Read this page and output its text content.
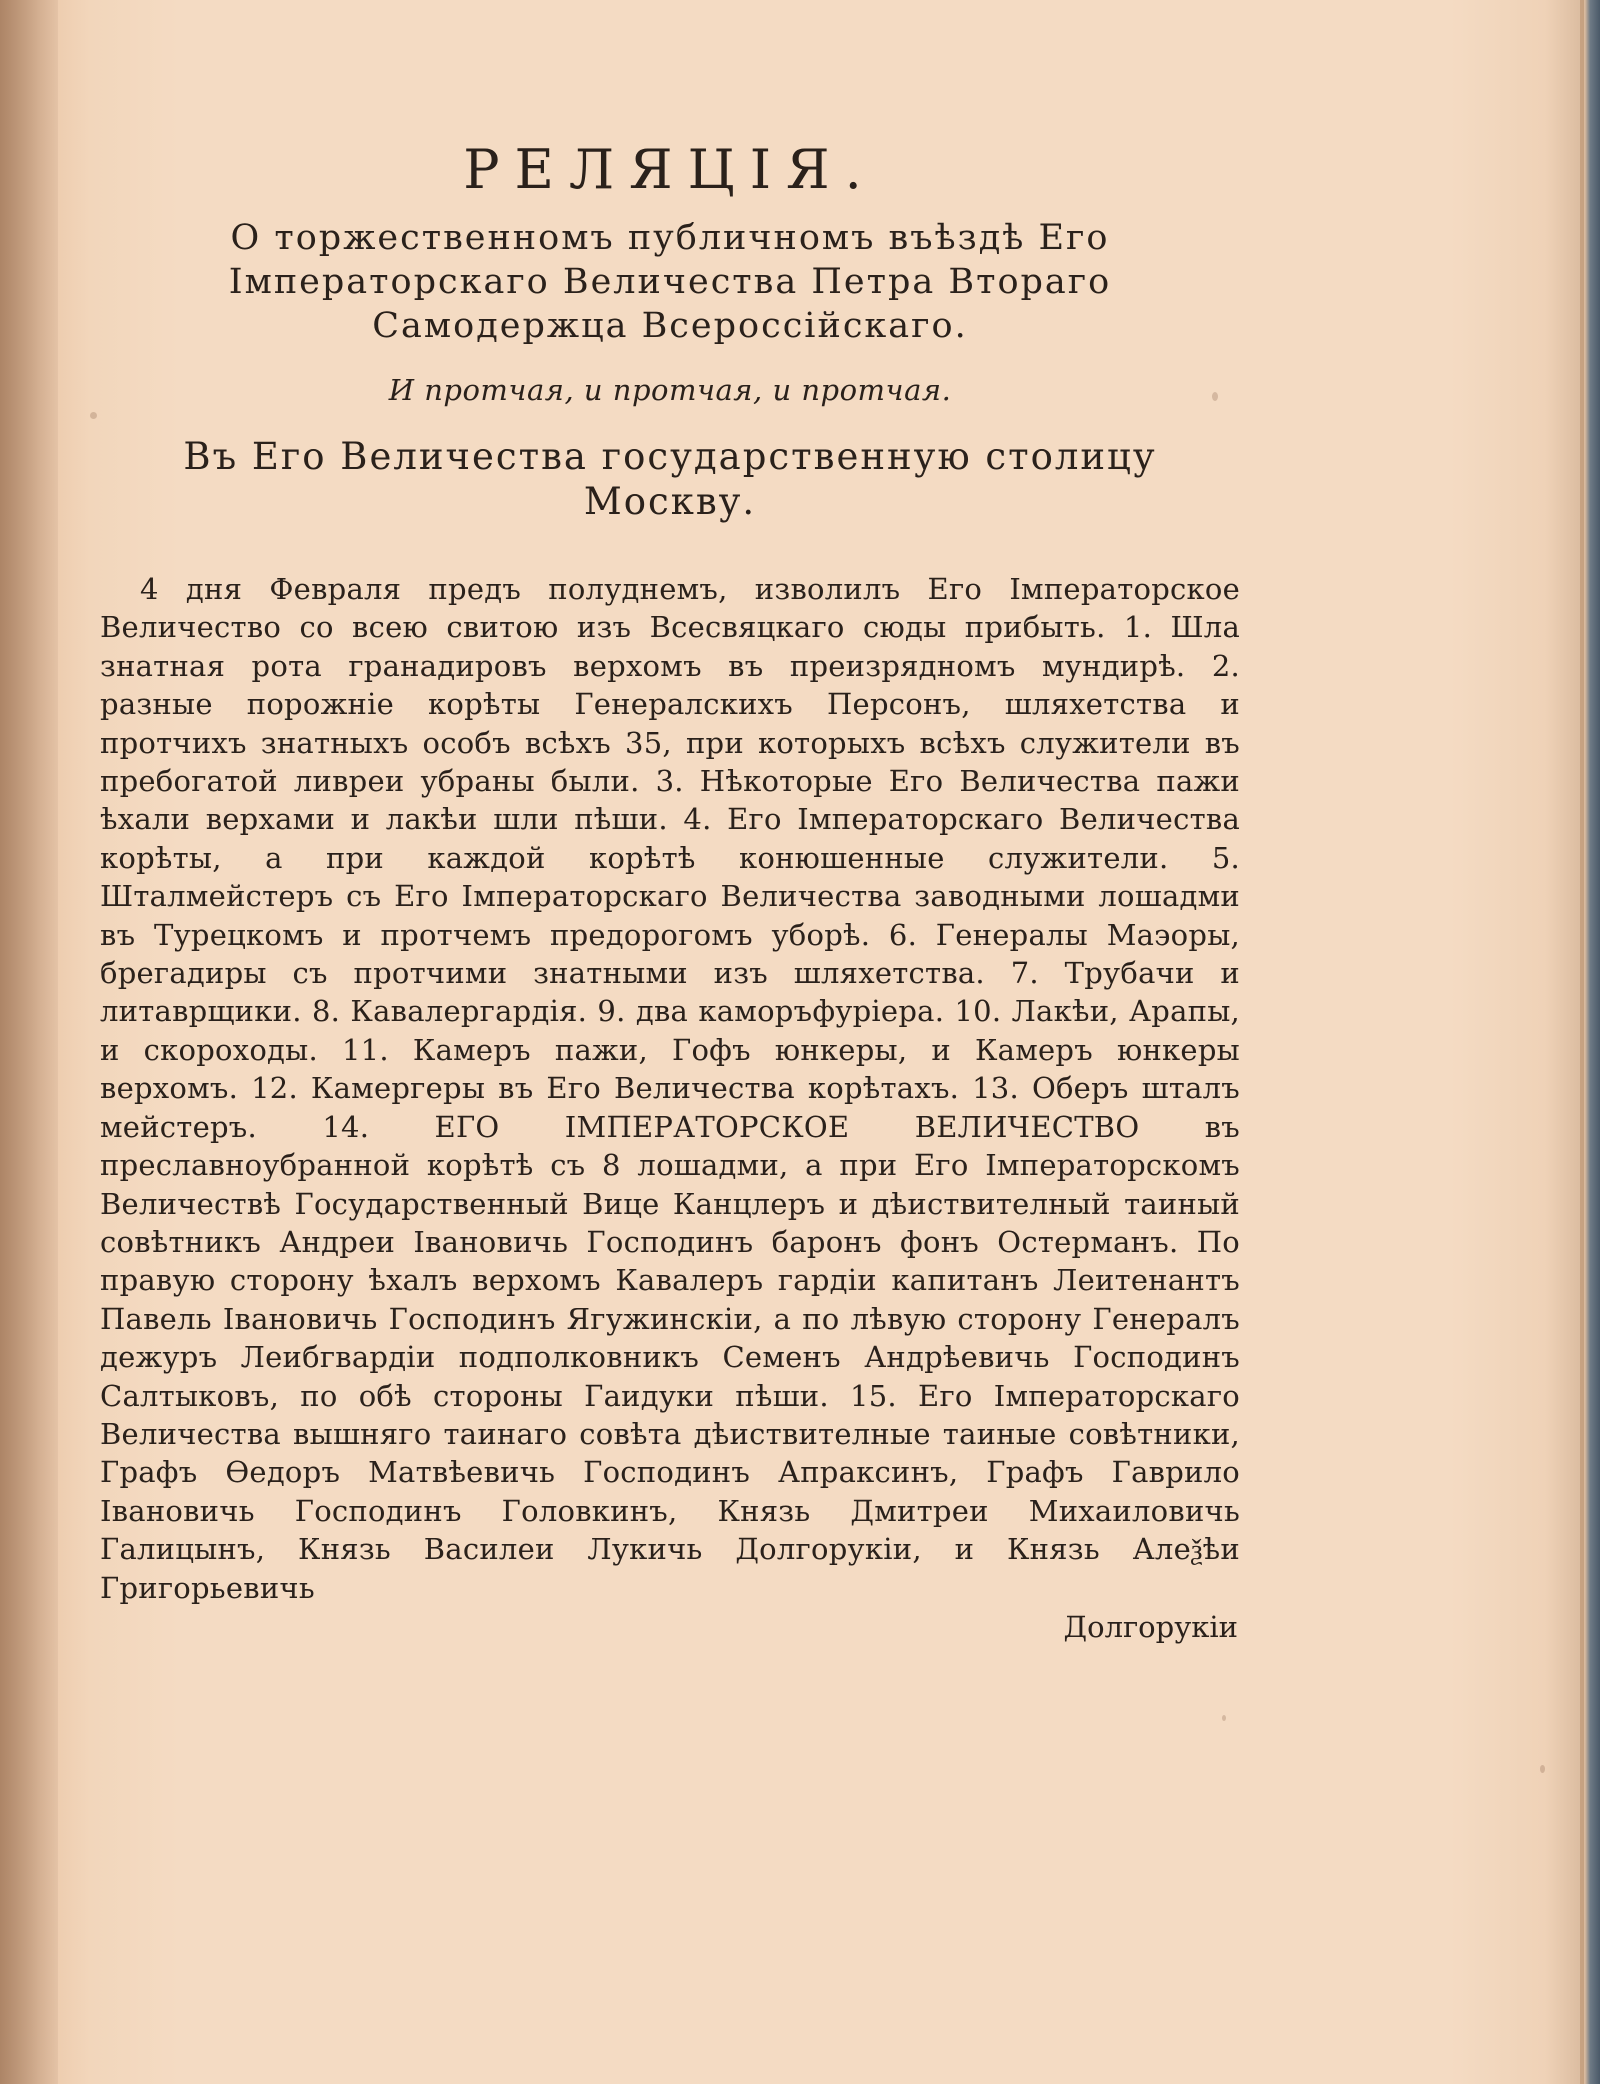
РЕЛЯЦІЯ.
О торжественномъ публичномъ въѣздѣ Его Імператорскаго Величества Петра Втораго Самодержца Всероссійскаго.
И протчая, и протчая, и протчая.
Въ Его Величества государственную столицу Москву.

4 дня Февраля предъ полуднемъ, изволилъ Его Імператорское Величество со всею свитою изъ Всесвяцкаго сюды прибыть. 1. Шла знатная рота гранадировъ верхомъ въ преизрядномъ мундирѣ. 2. разные порожніе корѣты Генералскихъ Персонъ, шляхетства и протчихъ знатныхъ особъ всѣхъ 35, при которыхъ всѣхъ служители въ пребогатой ливреи убраны были. 3. Нѣкоторые Его Величества пажи ѣхали верхами и лакѣи шли пѣши. 4. Его Імператорскаго Величества корѣты, а при каждой корѣтѣ конюшенные служители. 5. Шталмейстеръ съ Его Імператорскаго Величества заводными лошадми въ Турецкомъ и протчемъ предорогомъ уборѣ. 6. Генералы Маэоры, брегадиры съ протчими знатными изъ шляхетства. 7. Трубачи и литаврщики. 8. Кавалергардія. 9. два каморъфуріера. 10. Лакѣи, Арапы, и скороходы. 11. Камеръ пажи, Гофъ юнкеры, и Камеръ юнкеры верхомъ. 12. Камергеры въ Его Величества корѣтахъ. 13. Оберъ шталъ мейстеръ. 14. ЕГО ІМПЕРАТОРСКОЕ ВЕЛИЧЕСТВО въ преславноубранной корѣтѣ съ 8 лошадми, а при Его Імператорскомъ Величествѣ Государственный Вице Канцлеръ и дѣиствителный таиный совѣтникъ Андреи Івановичь Господинъ баронъ фонъ Остерманъ. По правую сторону ѣхалъ верхомъ Кавалеръ гардіи капитанъ Леитенантъ Павель Івановичь Господинъ Ягужинскіи, а по лѣвую сторону Генералъ дежуръ Леибгвардіи подполковникъ Семенъ Андрѣевичь Господинъ Салтыковъ, по обѣ стороны Гаидуки пѣши. 15. Его Імператорскаго Величества вышняго таинаго совѣта дѣиствителные таиные совѣтники, Графъ Ѳедоръ Матвѣевичь Господинъ Апраксинъ, Графъ Гаврило Івановичь Господинъ Головкинъ, Князь Дмитреи Михаиловичь Галицынъ, Князь Василеи Лукичь Долгорукіи, и Князь Алеѯѣи Григорьевичь

Долгорукіи
